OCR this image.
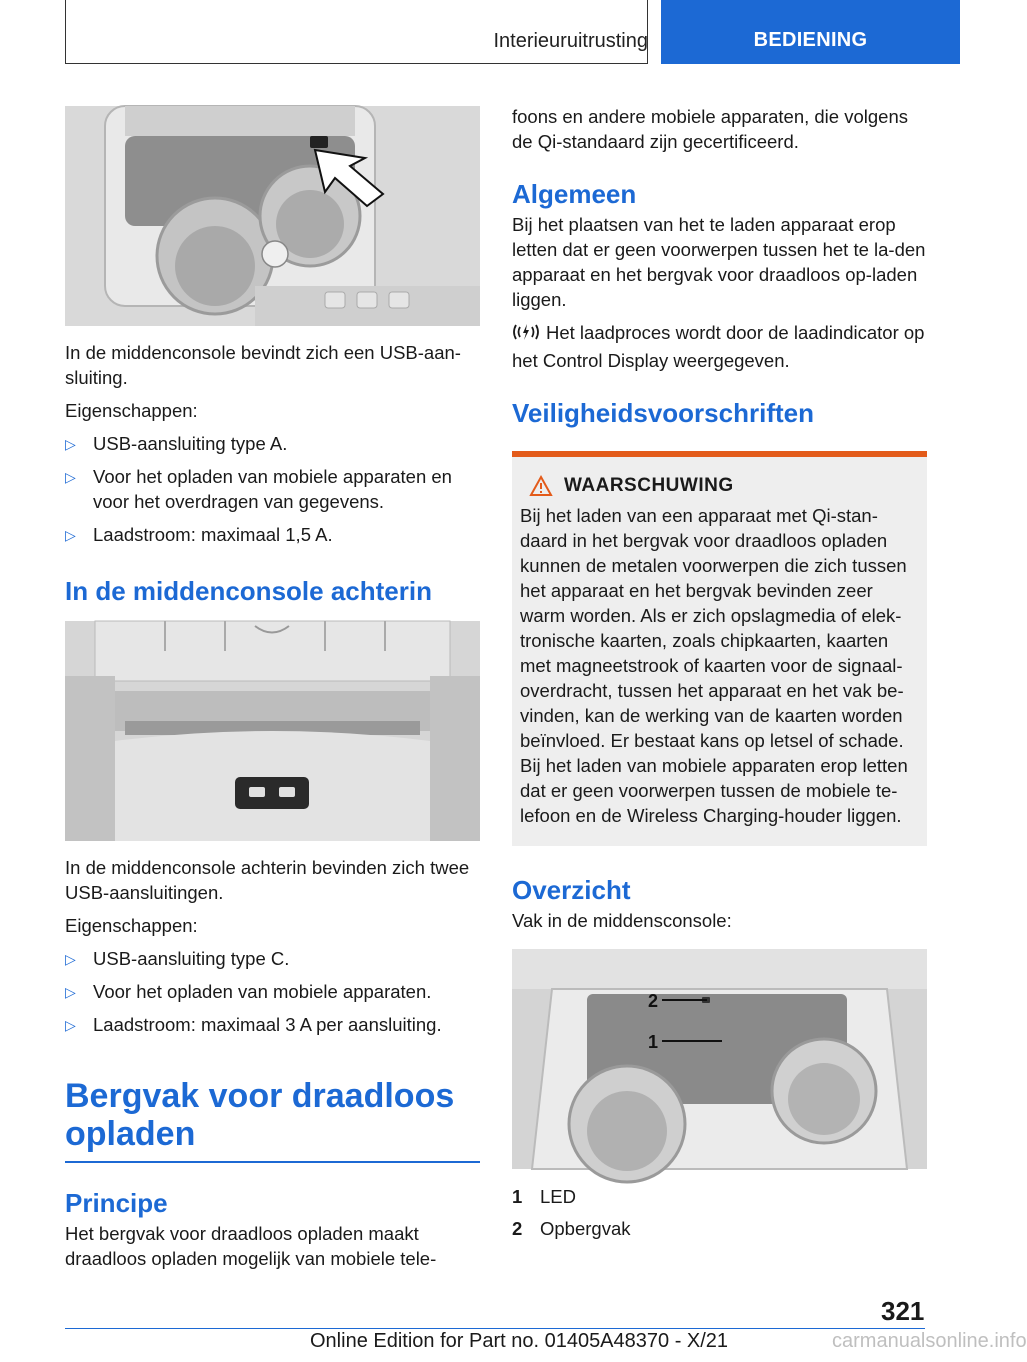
Interieuruitrusting	BEDIENING

In de middenconsole bevindt zich een USB-aan-sluiting.

Eigenschappen:

▷ USB-aansluiting type A.
▷ Voor het opladen van mobiele apparaten en voor het overdragen van gegevens.
▷ Laadstroom: maximaal 1,5 A.
In de middenconsole achterin

In de middenconsole achterin bevinden zich twee USB-aansluitingen.

Eigenschappen:

▷ USB-aansluiting type C.
▷ Voor het opladen van mobiele apparaten.
▷ Laadstroom: maximaal 3 A per aansluiting.
Bergvak voor draadloos
opladen
Principe

Het bergvak voor draadloos opladen maakt draadloos opladen mogelijk van mobiele tele-

foons en andere mobiele apparaten, die volgens de Qi-standaard zijn gecertificeerd.

Algemeen

Bij het plaatsen van het te laden apparaat erop letten dat er geen voorwerpen tussen het te la-den apparaat en het bergvak voor draadloos op-laden liggen.

Het laadproces wordt door de laadindicator op het Control Display weergegeven.

Veiligheidsvoorschriften
WAARSCHUWING

Bij het laden van een apparaat met Qi-stan-daard in het bergvak voor draadloos opladen kunnen de metalen voorwerpen die zich tussen het apparaat en het bergvak bevinden zeer warm worden. Als er zich opslagmedia of elek-tronische kaarten, zoals chipkaarten, kaarten met magneetstrook of kaarten voor de signaal-overdracht, tussen het apparaat en het vak be-vinden, kan de werking van de kaarten worden beïnvloed. Er bestaat kans op letsel of schade. Bij het laden van mobiele apparaten erop letten dat er geen voorwerpen tussen de mobiele te-lefoon en de Wireless Charging-houder liggen.

Overzicht

Vak in de middensconsole:

2
1
1 LED
2 Opbergvak
321
Online Edition for Part no. 01405A48370 - X/21	carmanualsonline.info
